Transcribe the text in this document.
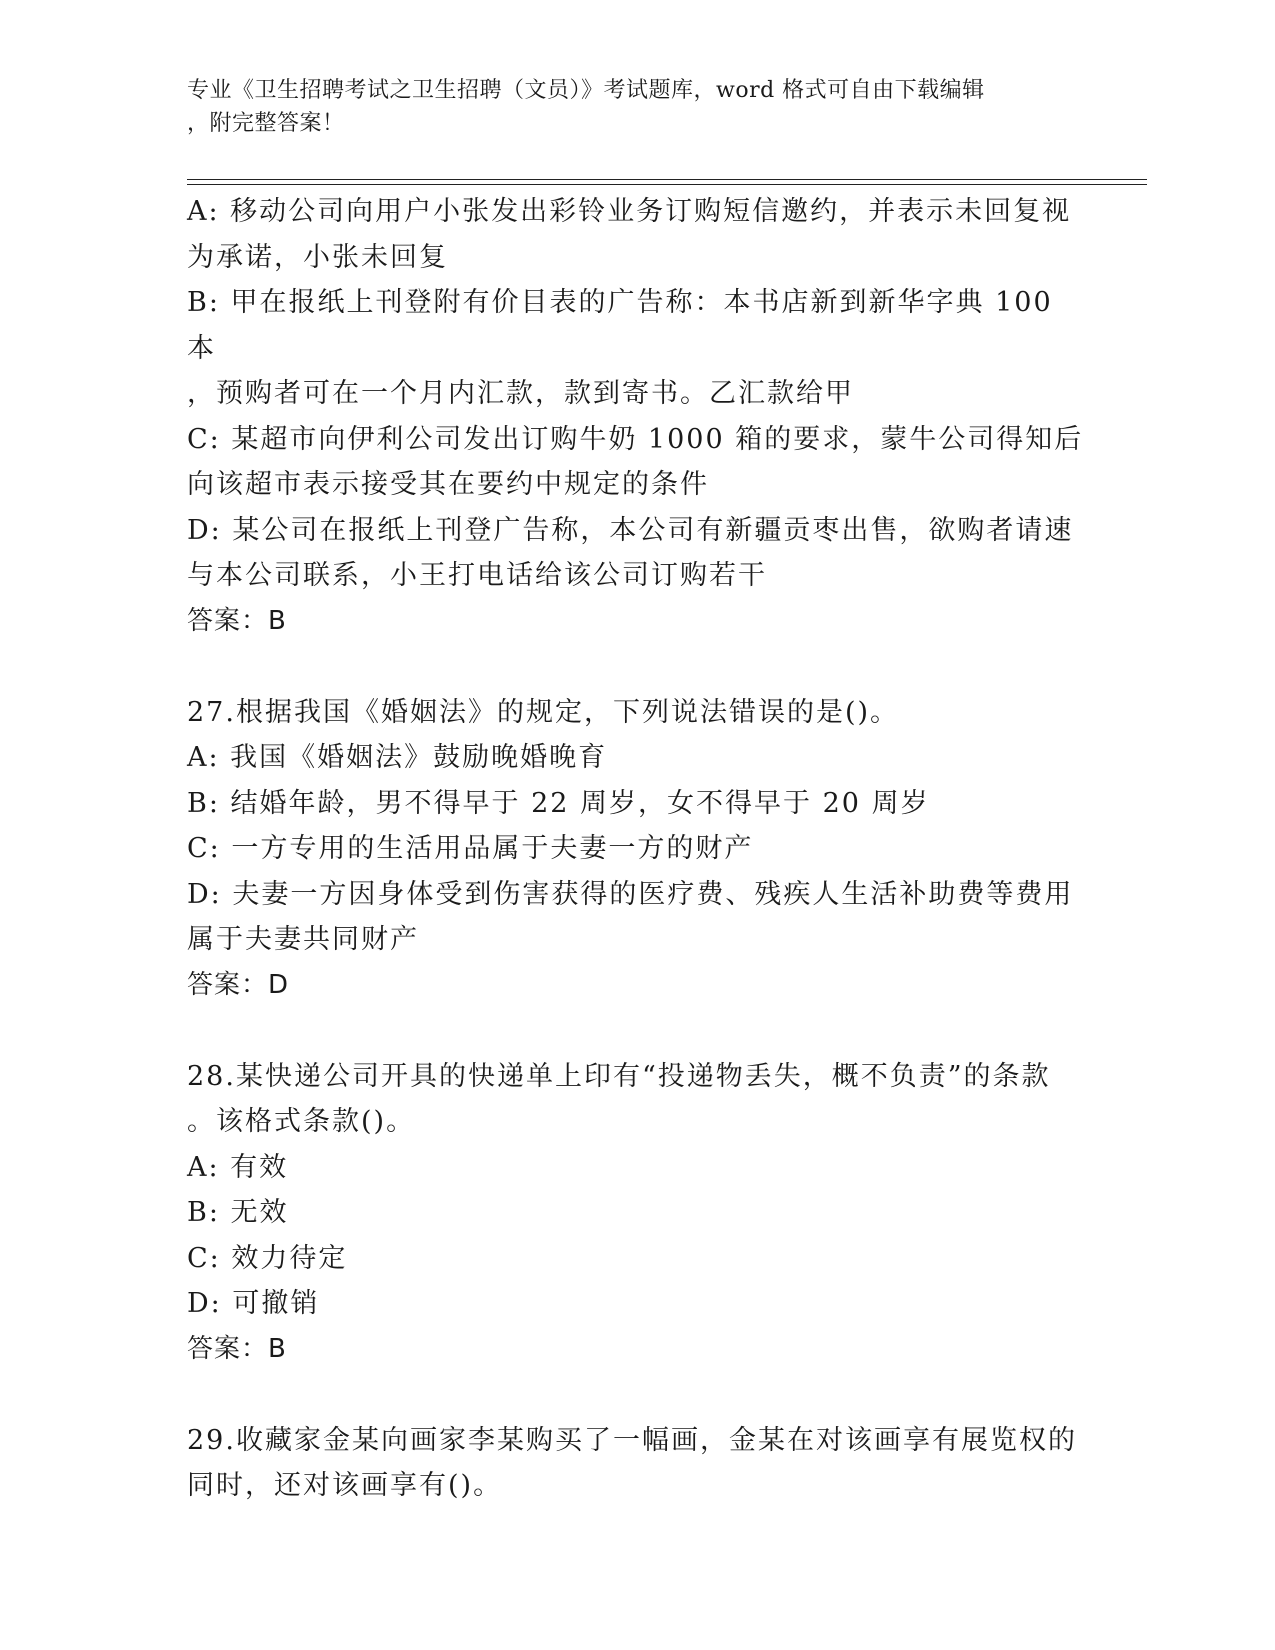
专业《卫生招聘考试之卫生招聘（文员）》考试题库，word 格式可自由下载编辑
，附完整答案！

A: 移动公司向用户小张发出彩铃业务订购短信邀约，并表示未回复视

为承诺，小张未回复

B: 甲在报纸上刊登附有价目表的广告称：本书店新到新华字典 100 本

，预购者可在一个月内汇款，款到寄书。乙汇款给甲

C: 某超市向伊利公司发出订购牛奶 1000 箱的要求，蒙牛公司得知后

向该超市表示接受其在要约中规定的条件

D: 某公司在报纸上刊登广告称，本公司有新疆贡枣出售，欲购者请速

与本公司联系，小王打电话给该公司订购若干

答案：B

27.根据我国《婚姻法》的规定，下列说法错误的是()。

A: 我国《婚姻法》鼓励晚婚晚育

B: 结婚年龄，男不得早于 22 周岁，女不得早于 20 周岁

C: 一方专用的生活用品属于夫妻一方的财产

D: 夫妻一方因身体受到伤害获得的医疗费、残疾人生活补助费等费用

属于夫妻共同财产

答案：D

28.某快递公司开具的快递单上印有“投递物丢失，概不负责”的条款

。该格式条款()。

A: 有效

B: 无效

C: 效力待定

D: 可撤销

答案：B

29.收藏家金某向画家李某购买了一幅画，金某在对该画享有展览权的

同时，还对该画享有()。
